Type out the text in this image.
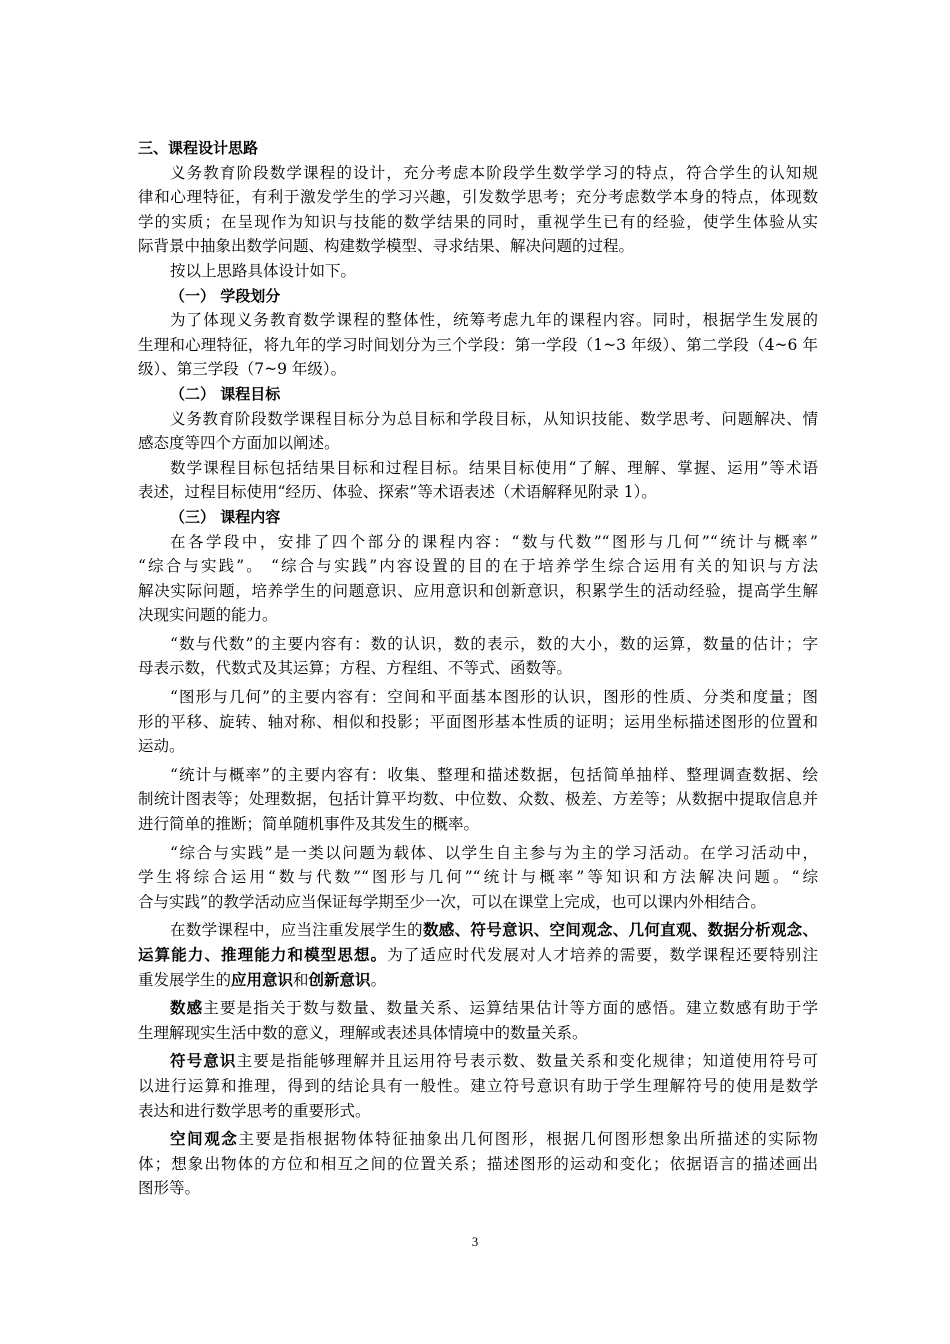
三、课程设计思路
义务教育阶段数学课程的设计，充分考虑本阶段学生数学学习的特点，符合学生的认知规
律和心理特征，有利于激发学生的学习兴趣，引发数学思考；充分考虑数学本身的特点，体现数
学的实质；在呈现作为知识与技能的数学结果的同时，重视学生已有的经验，使学生体验从实
际背景中抽象出数学问题、构建数学模型、寻求结果、解决问题的过程。
按以上思路具体设计如下。
（一） 学段划分
为了体现义务教育数学课程的整体性，统筹考虑九年的课程内容。同时，根据学生发展的
生理和心理特征，将九年的学习时间划分为三个学段：第一学段（1~3 年级）、第二学段（4~6 年
级）、第三学段（7~9 年级）。
（二） 课程目标
义务教育阶段数学课程目标分为总目标和学段目标，从知识技能、数学思考、问题解决、情
感态度等四个方面加以阐述。
数学课程目标包括结果目标和过程目标。结果目标使用“了解、理解、掌握、运用”等术语
表述，过程目标使用“经历、体验、探索”等术语表述（术语解释见附录 1）。
（三） 课程内容
在各学段中，安排了四个部分的课程内容：“数与代数”“图形与几何”“统计与概率”
“综合与实践”。 “综合与实践”内容设置的目的在于培养学生综合运用有关的知识与方法
解决实际问题，培养学生的问题意识、应用意识和创新意识，积累学生的活动经验，提高学生解
决现实问题的能力。
“数与代数”的主要内容有：数的认识，数的表示，数的大小，数的运算，数量的估计；字
母表示数，代数式及其运算；方程、方程组、不等式、函数等。
“图形与几何”的主要内容有：空间和平面基本图形的认识，图形的性质、分类和度量；图
形的平移、旋转、轴对称、相似和投影；平面图形基本性质的证明；运用坐标描述图形的位置和
运动。
“统计与概率”的主要内容有：收集、整理和描述数据，包括简单抽样、整理调查数据、绘
制统计图表等；处理数据，包括计算平均数、中位数、众数、极差、方差等；从数据中提取信息并
进行简单的推断；简单随机事件及其发生的概率。
“综合与实践”是一类以问题为载体、以学生自主参与为主的学习活动。在学习活动中，
学生将综合运用“数与代数”“图形与几何”“统计与概率”等知识和方法解决问题。“综
合与实践”的教学活动应当保证每学期至少一次，可以在课堂上完成，也可以课内外相结合。
在数学课程中，应当注重发展学生的数感、符号意识、空间观念、几何直观、数据分析观念、
运算能力、推理能力和模型思想。为了适应时代发展对人才培养的需要，数学课程还要特别注
重发展学生的应用意识和创新意识。
数感主要是指关于数与数量、数量关系、运算结果估计等方面的感悟。建立数感有助于学
生理解现实生活中数的意义，理解或表述具体情境中的数量关系。
符号意识主要是指能够理解并且运用符号表示数、数量关系和变化规律；知道使用符号可
以进行运算和推理，得到的结论具有一般性。建立符号意识有助于学生理解符号的使用是数学
表达和进行数学思考的重要形式。
空间观念主要是指根据物体特征抽象出几何图形，根据几何图形想象出所描述的实际物
体；想象出物体的方位和相互之间的位置关系；描述图形的运动和变化；依据语言的描述画出
图形等。
3
